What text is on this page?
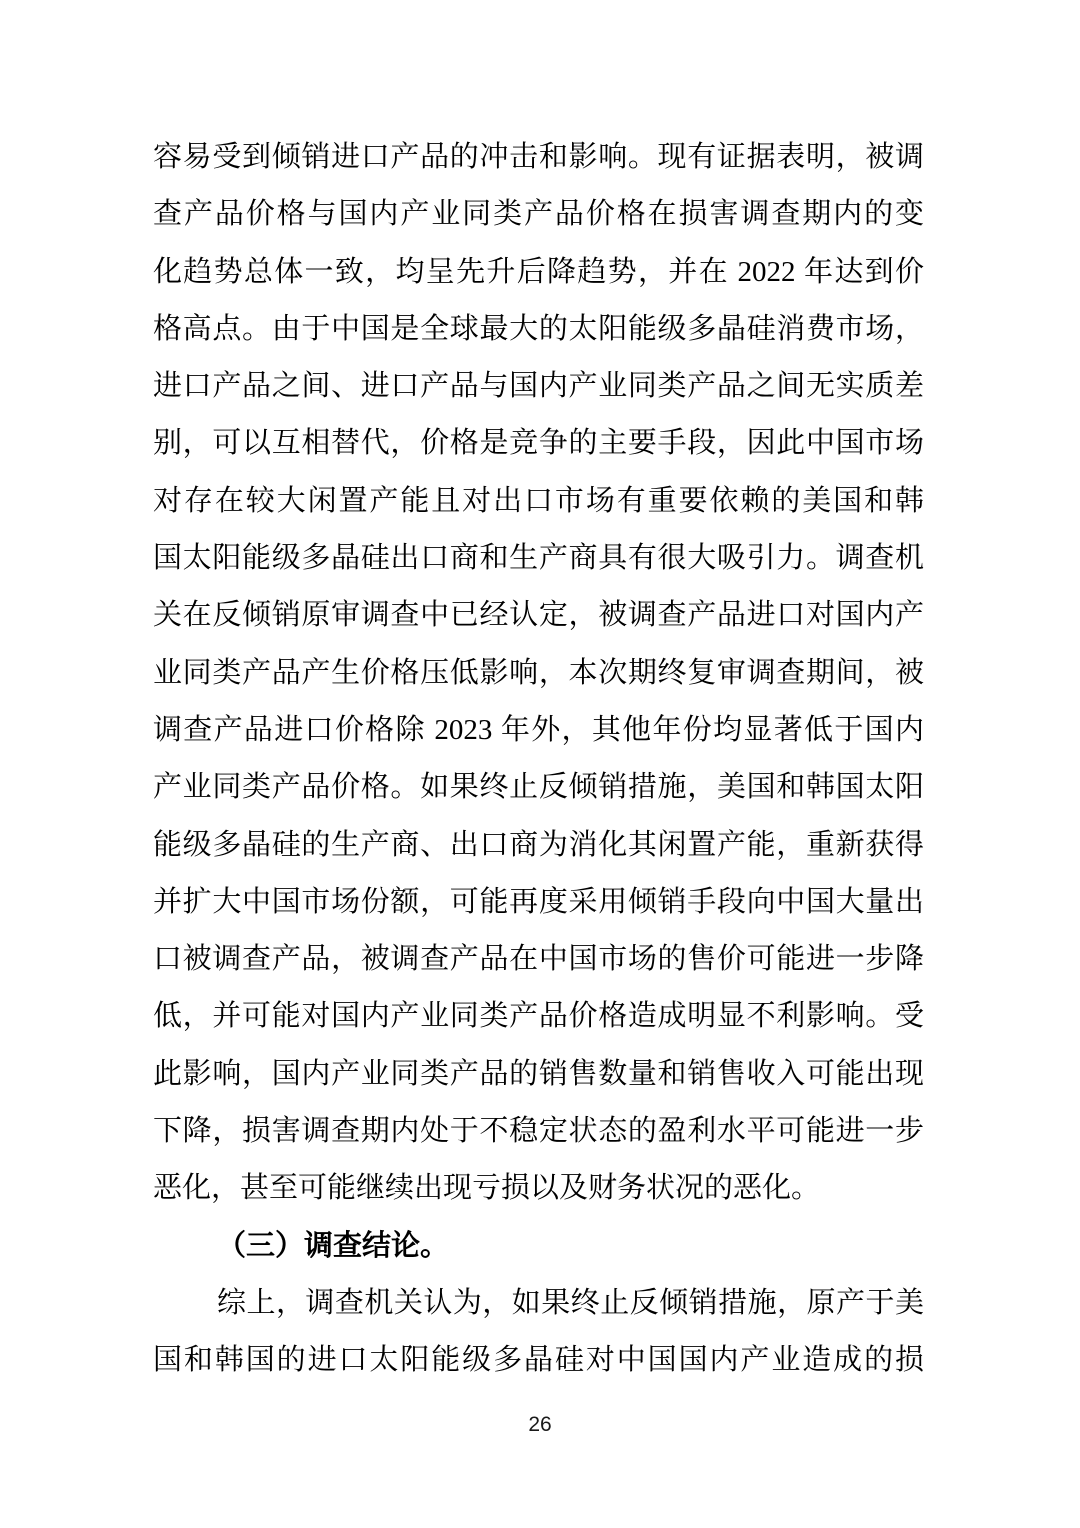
容易受到倾销进口产品的冲击和影响。现有证据表明，被调
查产品价格与国内产业同类产品价格在损害调查期内的变
化趋势总体一致，均呈先升后降趋势，并在 2022 年达到价
格高点。由于中国是全球最大的太阳能级多晶硅消费市场，
进口产品之间、进口产品与国内产业同类产品之间无实质差
别，可以互相替代，价格是竞争的主要手段，因此中国市场
对存在较大闲置产能且对出口市场有重要依赖的美国和韩
国太阳能级多晶硅出口商和生产商具有很大吸引力。调查机
关在反倾销原审调查中已经认定，被调查产品进口对国内产
业同类产品产生价格压低影响，本次期终复审调查期间，被
调查产品进口价格除 2023 年外，其他年份均显著低于国内
产业同类产品价格。如果终止反倾销措施，美国和韩国太阳
能级多晶硅的生产商、出口商为消化其闲置产能，重新获得
并扩大中国市场份额，可能再度采用倾销手段向中国大量出
口被调查产品，被调查产品在中国市场的售价可能进一步降
低，并可能对国内产业同类产品价格造成明显不利影响。受
此影响，国内产业同类产品的销售数量和销售收入可能出现
下降，损害调查期内处于不稳定状态的盈利水平可能进一步
恶化，甚至可能继续出现亏损以及财务状况的恶化。
（三）调查结论。
综上，调查机关认为，如果终止反倾销措施，原产于美
国和韩国的进口太阳能级多晶硅对中国国内产业造成的损
26
